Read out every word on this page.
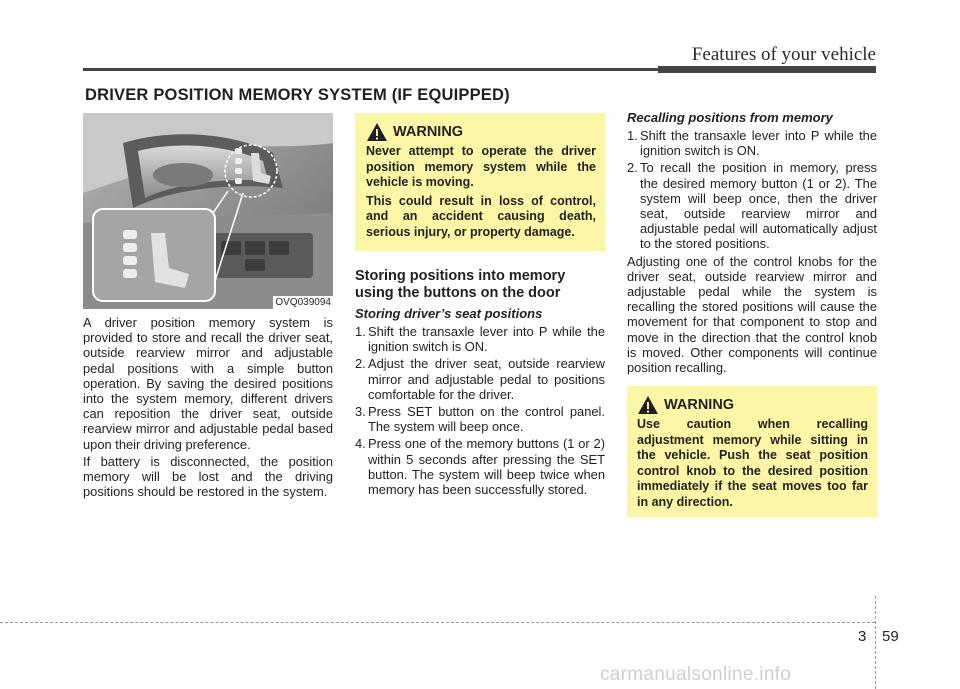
Features of your vehicle
DRIVER POSITION MEMORY SYSTEM (IF EQUIPPED)
OVQ039094

A driver position memory system is provided to store and recall the driver seat, outside rearview mirror and adjustable pedal positions with a simple button operation. By saving the desired positions into the system memory, different drivers can reposition the driver seat, outside rearview mirror and adjustable pedal based upon their driving preference.

If battery is disconnected, the position memory will be lost and the driving positions should be restored in the system.

WARNING

Never attempt to operate the driver position memory system while the vehicle is moving.

This could result in loss of control, and an accident causing death, serious injury, or property damage.

Storing positions into memory using the buttons on the door
Storing driver’s seat positions
1. Shift the transaxle lever into P while the ignition switch is ON.
2. Adjust the driver seat, outside rearview mirror and adjustable pedal to positions comfortable for the driver.
3. Press SET button on the control panel. The system will beep once.
4. Press one of the memory buttons (1 or 2) within 5 seconds after pressing the SET button. The system will beep twice when memory has been successfully stored.
Recalling positions from memory
1. Shift the transaxle lever into P while the ignition switch is ON.
2. To recall the position in memory, press the desired memory button (1 or 2). The system will beep once, then the driver seat, outside rearview mirror and adjustable pedal will automatically adjust to the stored positions.

Adjusting one of the control knobs for the driver seat, outside rearview mirror and adjustable pedal while the system is recalling the stored positions will cause the movement for that component to stop and move in the direction that the control knob is moved. Other components will continue position recalling.

WARNING

Use caution when recalling adjustment memory while sitting in the vehicle. Push the seat position control knob to the desired position immediately if the seat moves too far in any direction.

3 59
carmanualsonline.info
